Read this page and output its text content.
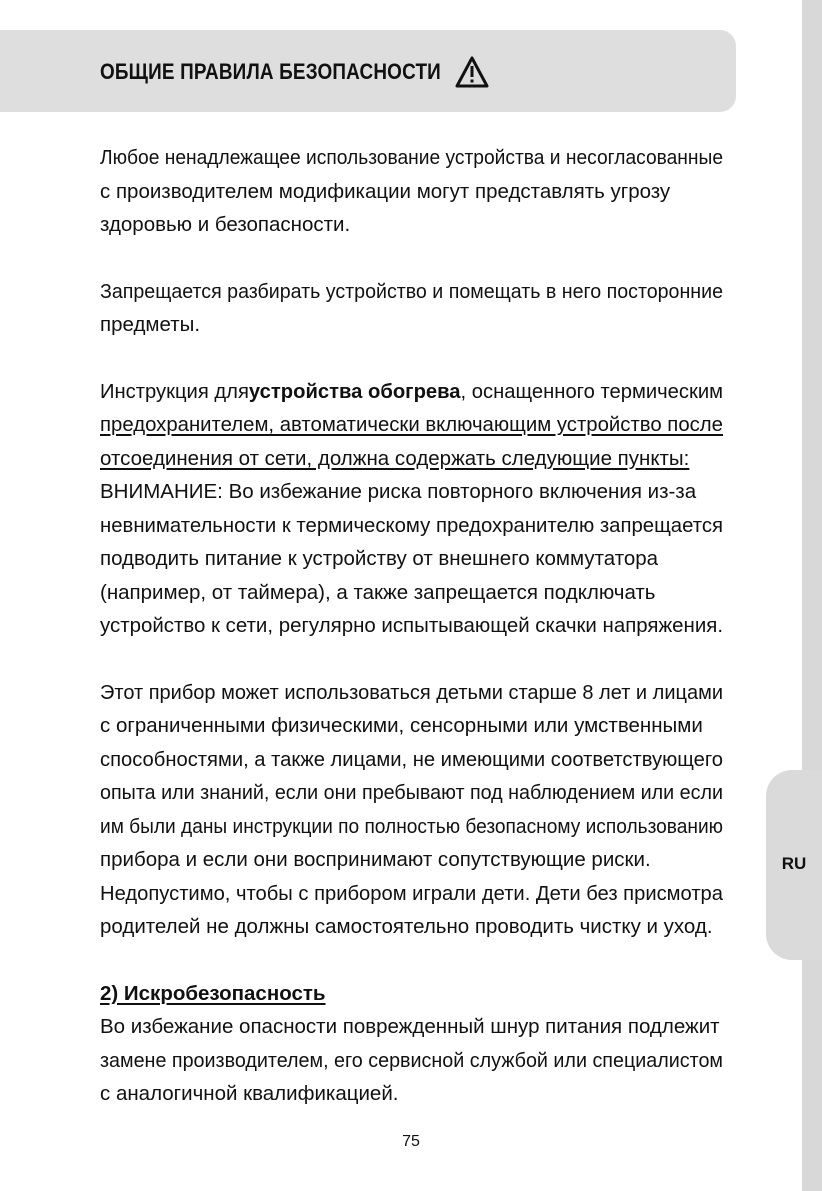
ОБЩИЕ ПРАВИЛА БЕЗОПАСНОСТИ
RU
Любое ненадлежащее использование устройства и несогласованные
с производителем модификации могут представлять угрозу
здоровью и безопасности.
Запрещается разбирать устройство и помещать в него посторонние
предметы.
Инструкция дляустройства обогрева, оснащенного термическим
предохранителем, автоматически включающим устройство после
отсоединения от сети, должна содержать следующие пункты:
ВНИМАНИЕ: Во избежание риска повторного включения из-за
невнимательности к термическому предохранителю запрещается
подводить питание к устройству от внешнего коммутатора
(например, от таймера), а также запрещается подключать
устройство к сети, регулярно испытывающей скачки напряжения.
Этот прибор может использоваться детьми старше 8 лет и лицами
с ограниченными физическими, сенсорными или умственными
способностями, а также лицами, не имеющими соответствующего
опыта или знаний, если они пребывают под наблюдением или если
им были даны инструкции по полностью безопасному использованию
прибора и если они воспринимают сопутствующие риски.
Недопустимо, чтобы с прибором играли дети. Дети без присмотра
родителей не должны самостоятельно проводить чистку и уход.
2) Искробезопасность
Во избежание опасности поврежденный шнур питания подлежит
замене производителем, его сервисной службой или специалистом
с аналогичной квалификацией.
75
